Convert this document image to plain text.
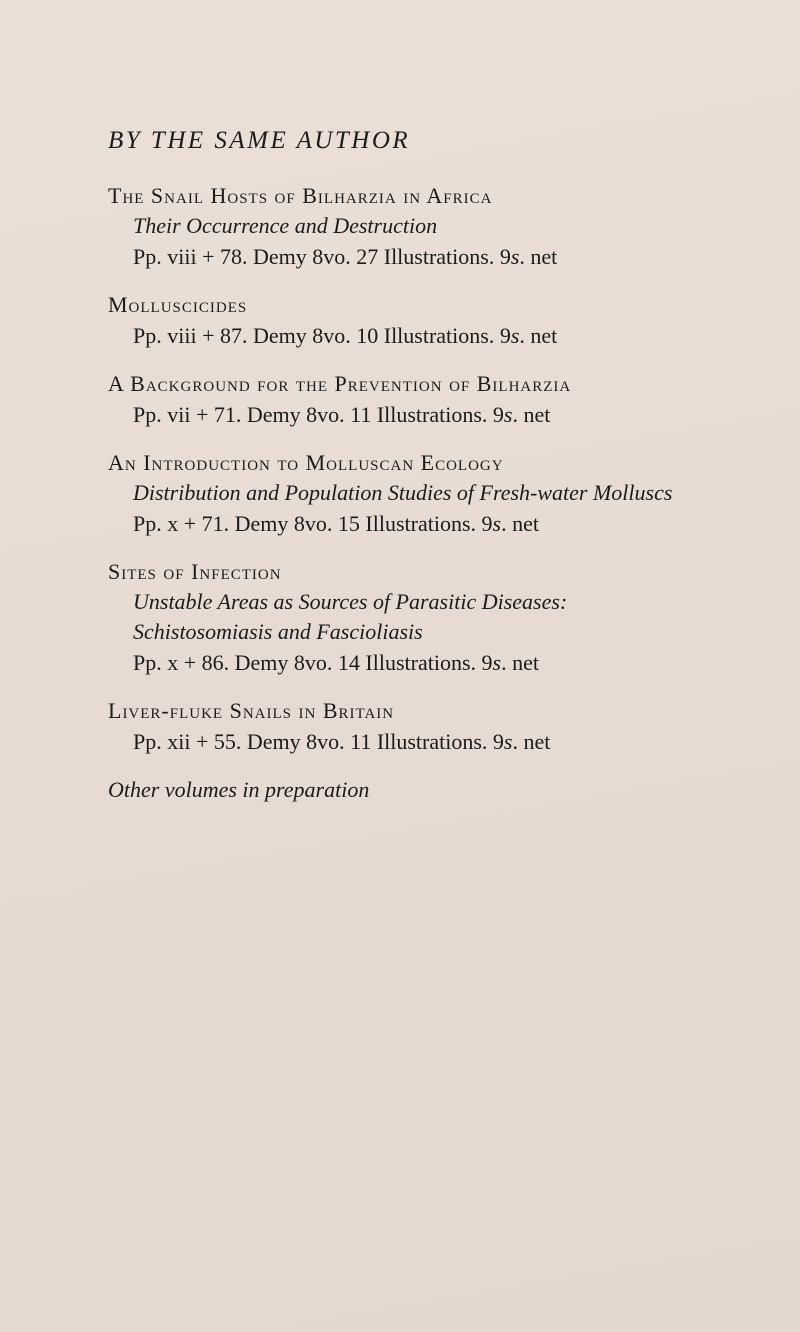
BY THE SAME AUTHOR
The Snail Hosts of Bilharzia in Africa
Their Occurrence and Destruction
Pp. viii + 78. Demy 8vo. 27 Illustrations. 9s. net
Molluscicides
Pp. viii + 87. Demy 8vo. 10 Illustrations. 9s. net
A Background for the Prevention of Bilharzia
Pp. vii + 71. Demy 8vo. 11 Illustrations. 9s. net
An Introduction to Molluscan Ecology
Distribution and Population Studies of Fresh-water Molluscs
Pp. x + 71. Demy 8vo. 15 Illustrations. 9s. net
Sites of Infection
Unstable Areas as Sources of Parasitic Diseases:
Schistosomiasis and Fascioliasis
Pp. x + 86. Demy 8vo. 14 Illustrations. 9s. net
Liver-fluke Snails in Britain
Pp. xii + 55. Demy 8vo. 11 Illustrations. 9s. net
Other volumes in preparation
